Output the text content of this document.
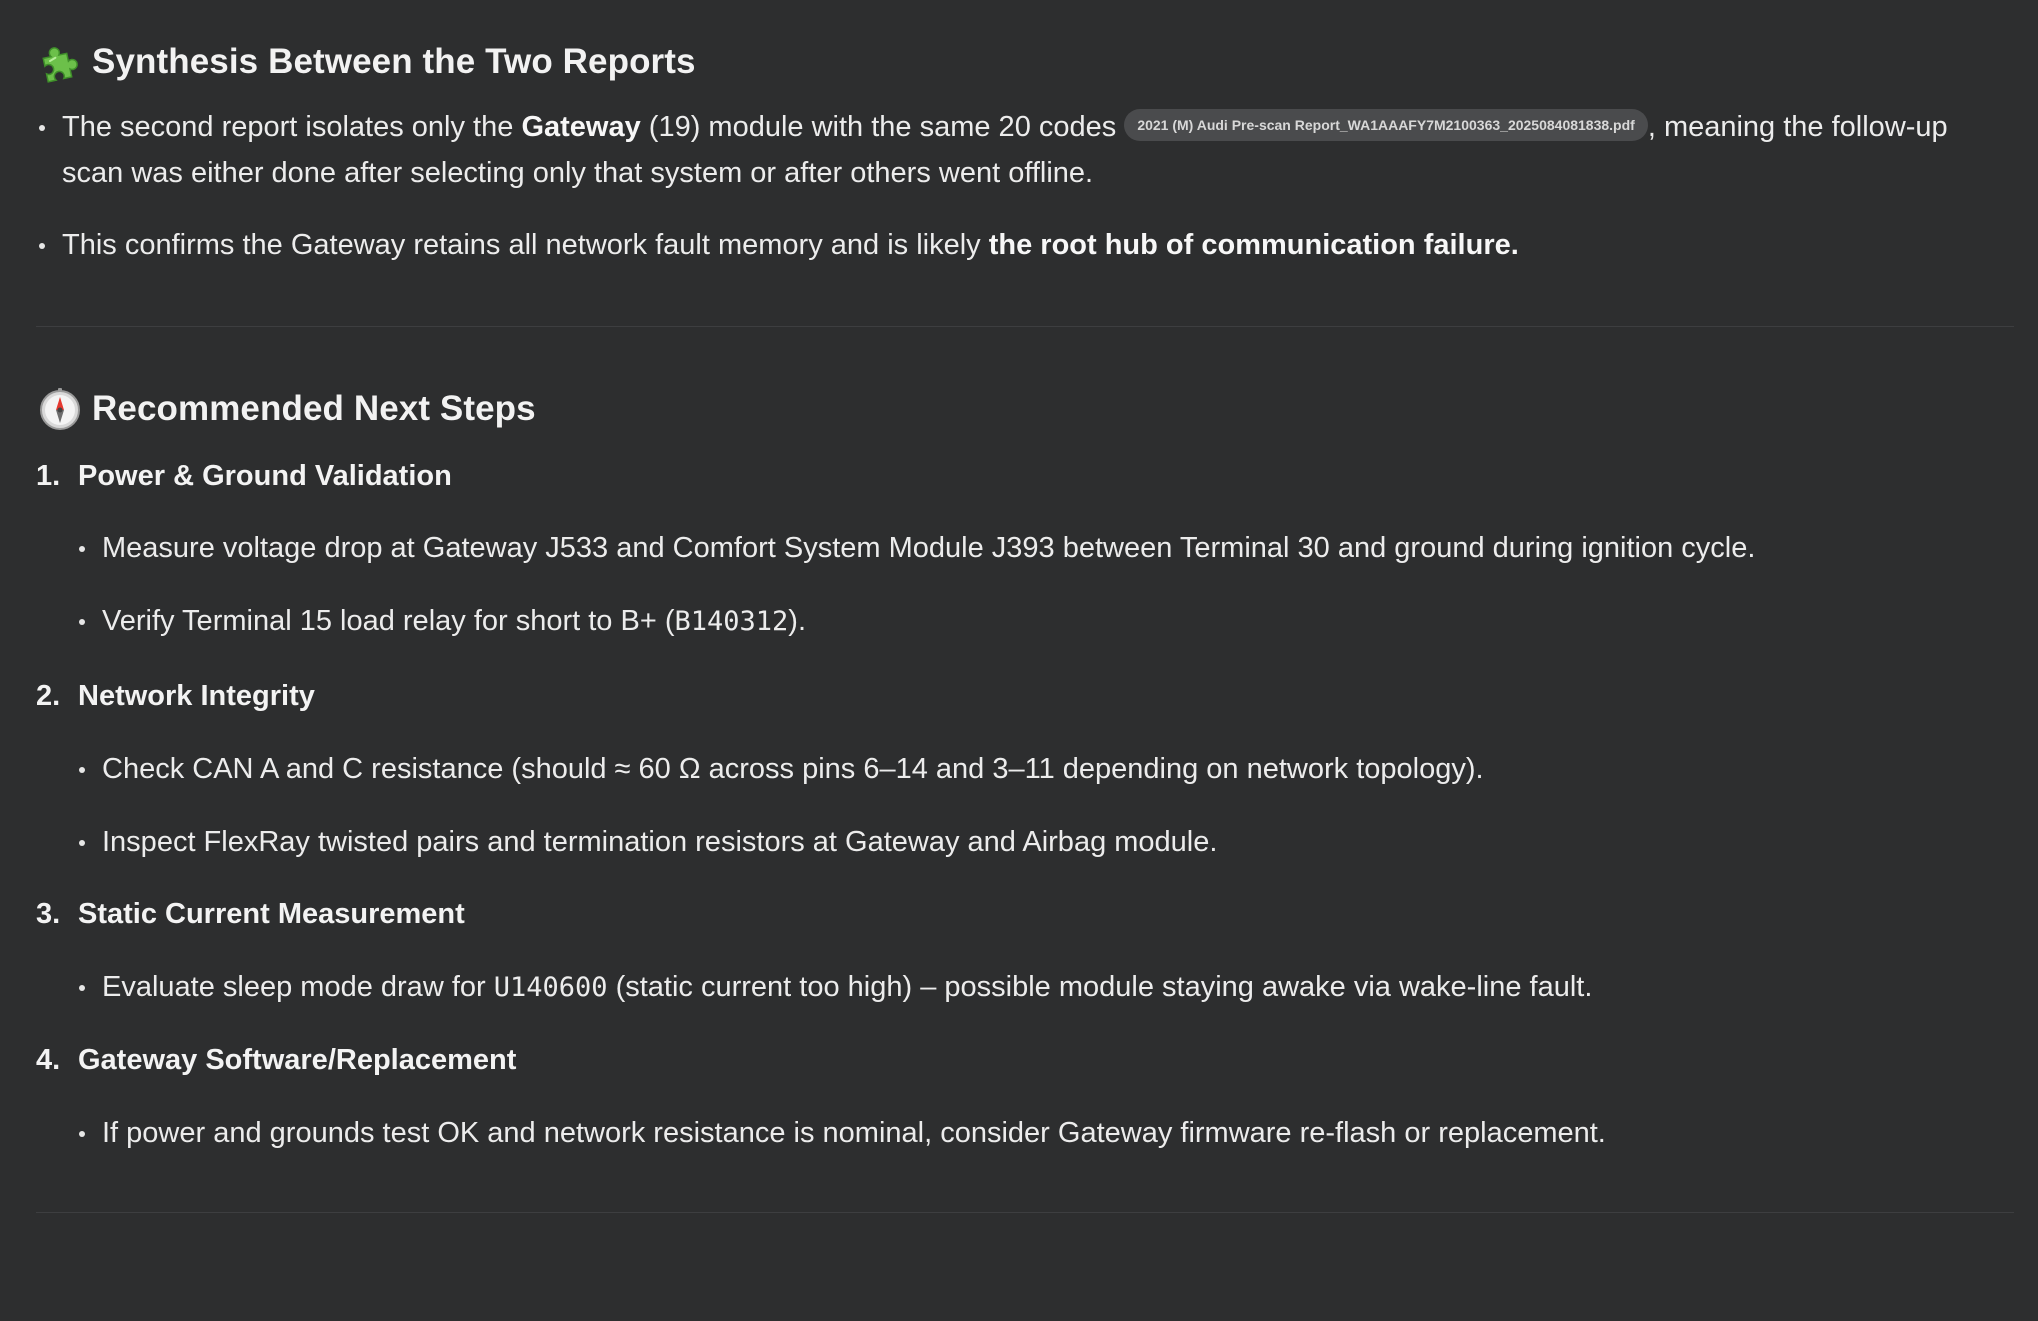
Synthesis Between the Two Reports
The second report isolates only the Gateway (19) module with the same 20 codes 2021 (M) Audi Pre-scan Report_WA1AAAFY7M2100363_2025084081838.pdf , meaning the follow-up scan was either done after selecting only that system or after others went offline.
This confirms the Gateway retains all network fault memory and is likely the root hub of communication failure.
Recommended Next Steps
1. Power & Ground Validation
Measure voltage drop at Gateway J533 and Comfort System Module J393 between Terminal 30 and ground during ignition cycle.
Verify Terminal 15 load relay for short to B+ (B140312).
2. Network Integrity
Check CAN A and C resistance (should ≈ 60 Ω across pins 6–14 and 3–11 depending on network topology).
Inspect FlexRay twisted pairs and termination resistors at Gateway and Airbag module.
3. Static Current Measurement
Evaluate sleep mode draw for U140600 (static current too high) – possible module staying awake via wake-line fault.
4. Gateway Software/Replacement
If power and grounds test OK and network resistance is nominal, consider Gateway firmware re-flash or replacement.
